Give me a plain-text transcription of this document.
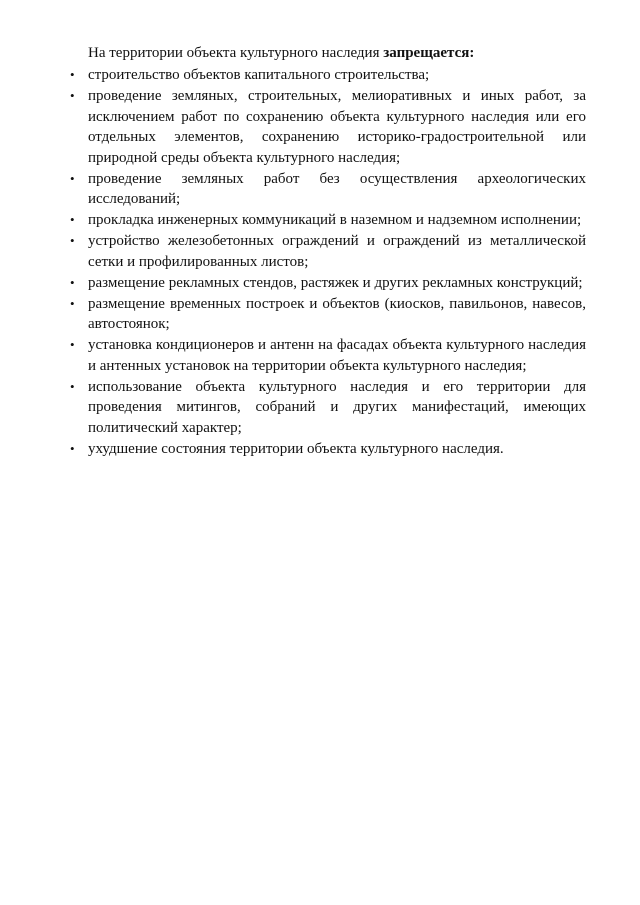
На территории объекта культурного наследия запрещается:

• строительство объектов капитального строительства;
• проведение земляных, строительных, мелиоративных и иных работ, за исключением работ по сохранению объекта культурного наследия или его отдельных элементов, сохранению историко-градостроительной или природной среды объекта культурного наследия;
• проведение земляных работ без осуществления археологических исследований;
• прокладка инженерных коммуникаций в наземном и надземном исполнении;
• устройство железобетонных ограждений и ограждений из металлической сетки и профилированных листов;
• размещение рекламных стендов, растяжек и других рекламных конструкций;
• размещение временных построек и объектов (киосков, павильонов, навесов, автостоянок;
• установка кондиционеров и антенн на фасадах объекта культурного наследия и антенных установок на территории объекта культурного наследия;
• использование объекта культурного наследия и его территории для проведения митингов, собраний и других манифестаций, имеющих политический характер;
• ухудшение состояния территории объекта культурного наследия.
